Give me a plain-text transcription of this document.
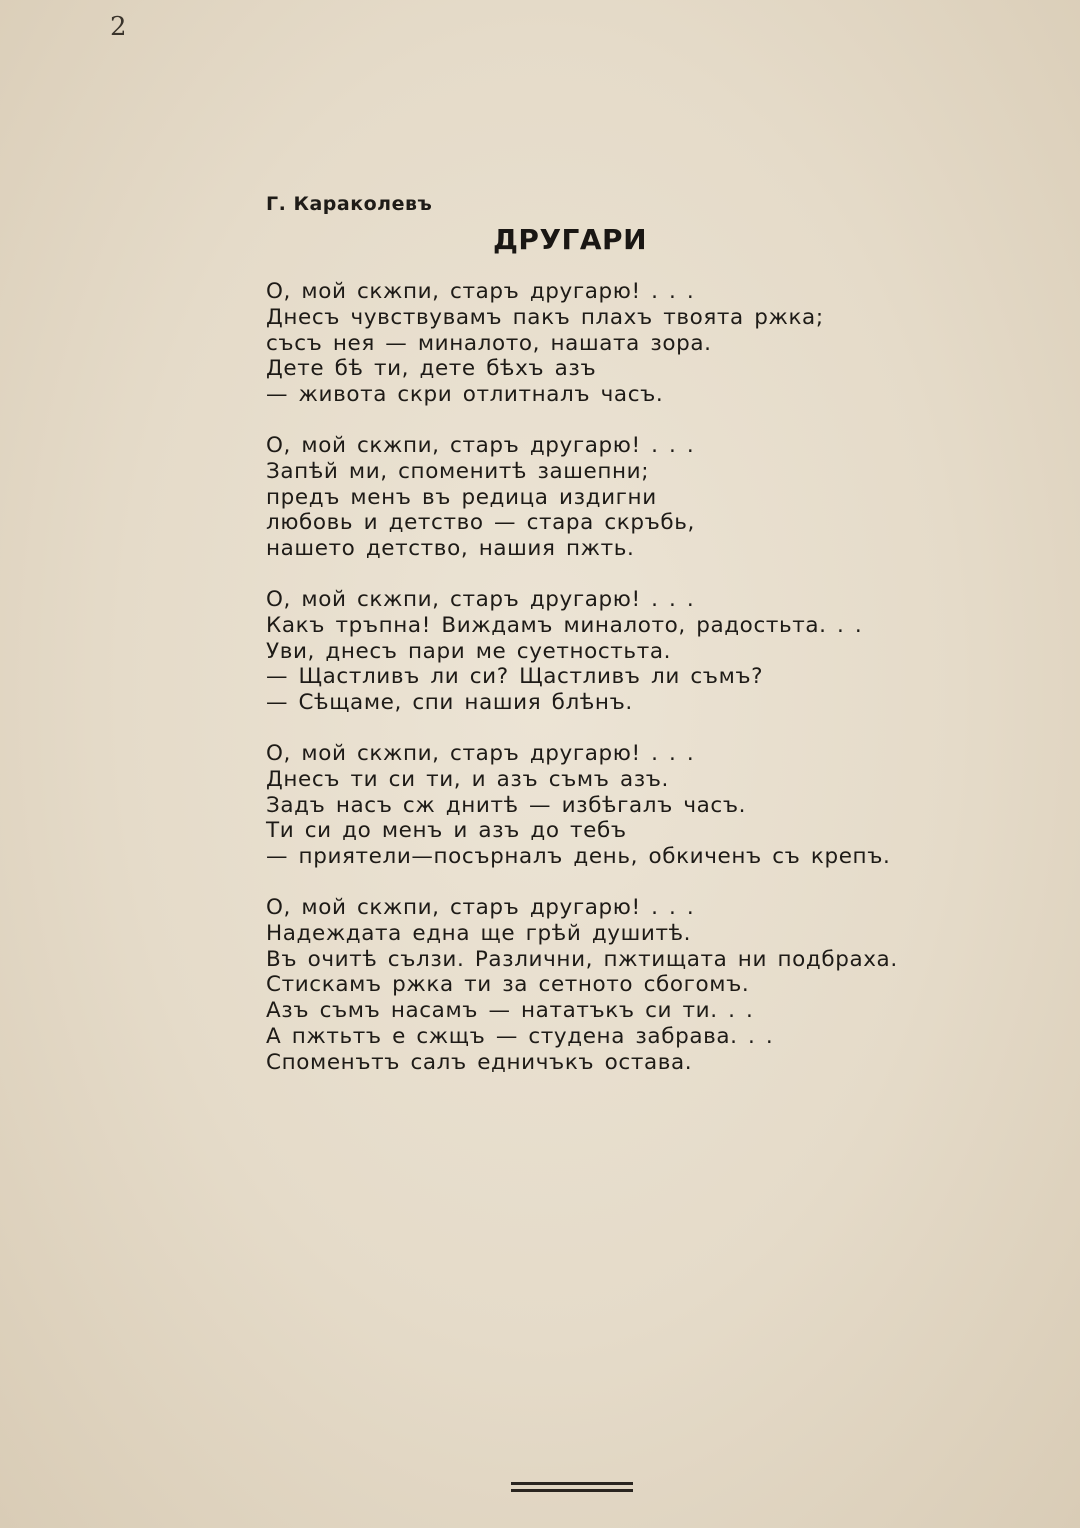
2
Г. Караколевъ
ДРУГАРИ
О, мой скжпи, старъ другарю! . . .
Днесъ чувствувамъ пакъ плахъ твоята ржка;
съсъ нея — миналото, нашата зора.
Дете бѣ ти, дете бѣхъ азъ
— живота скри отлитналъ часъ.
О, мой скжпи, старъ другарю! . . .
Запѣй ми, споменитѣ зашепни;
предъ менъ въ редица издигни
любовь и детство — стара скръбь,
нашето детство, нашия пжть.
О, мой скжпи, старъ другарю! . . .
Какъ тръпна! Виждамъ миналото, радостьта. . .
Уви, днесъ пари ме суетностьта.
— Щастливъ ли си? Щастливъ ли съмъ?
— Сѣщаме, спи нашия блѣнъ.
О, мой скжпи, старъ другарю! . . .
Днесъ ти си ти, и азъ съмъ азъ.
Задъ насъ сж днитѣ — избѣгалъ часъ.
Ти си до менъ и азъ до тебъ
— приятели—посърналъ день, обкиченъ съ крепъ.
О, мой скжпи, старъ другарю! . . .
Надеждата една ще грѣй душитѣ.
Въ очитѣ сълзи. Различни, пжтищата ни подбраха.
Стискамъ ржка ти за сетното сбогомъ.
Азъ съмъ насамъ — нататъкъ си ти. . .
А пжтьтъ е сжщъ — студена забрава. . .
Споменътъ салъ едничъкъ остава.
